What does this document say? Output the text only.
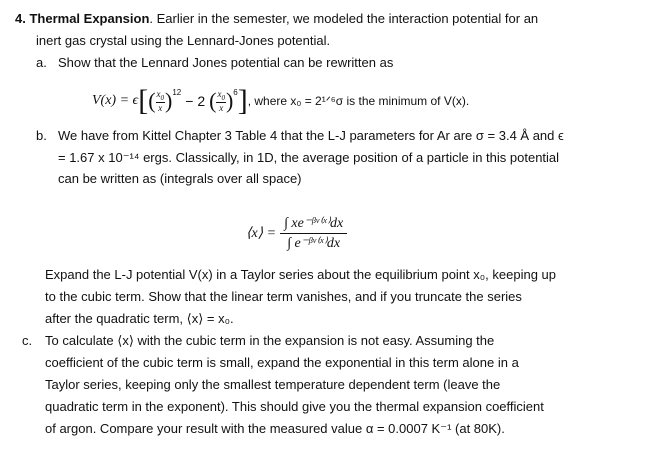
4. Thermal Expansion. Earlier in the semester, we modeled the interaction potential for an
inert gas crystal using the Lennard-Jones potential.
a. Show that the Lennard Jones potential can be rewritten as
V(x) = ϵ [ ( $\frac{x_0}{x} )^{12}$
− 2 ( $\frac{x_0}{x} )^6$ ] , where x₀ = 2¹ᐟ⁶σ is the minimum of V(x).
b. We have from Kittel Chapter 3 Table 4 that the L-J parameters for Ar are σ = 3.4 Å and ϵ
= 1.67 x 10⁻¹⁴ ergs. Classically, in 1D, the average position of a particle in this potential
can be written as (integrals over all space)
⟨x⟩ = $\frac{\text{∫ xe⁻ᵝᵛ⁽ˣ⁾dx}}{\text{∫ e⁻ᵝᵛ⁽ˣ⁾dx}}$
Expand the L-J potential V(x) in a Taylor series about the equilibrium point x₀, keeping up
to the cubic term. Show that the linear term vanishes, and if you truncate the series
after the quadratic term, ⟨x⟩ = x₀.
c. To calculate ⟨x⟩ with the cubic term in the expansion is not easy. Assuming the
coefficient of the cubic term is small, expand the exponential in this term alone in a
Taylor series, keeping only the smallest temperature dependent term (leave the
quadratic term in the exponent). This should give you the thermal expansion coefficient
of argon. Compare your result with the measured value α = 0.0007 K⁻¹ (at 80K).
